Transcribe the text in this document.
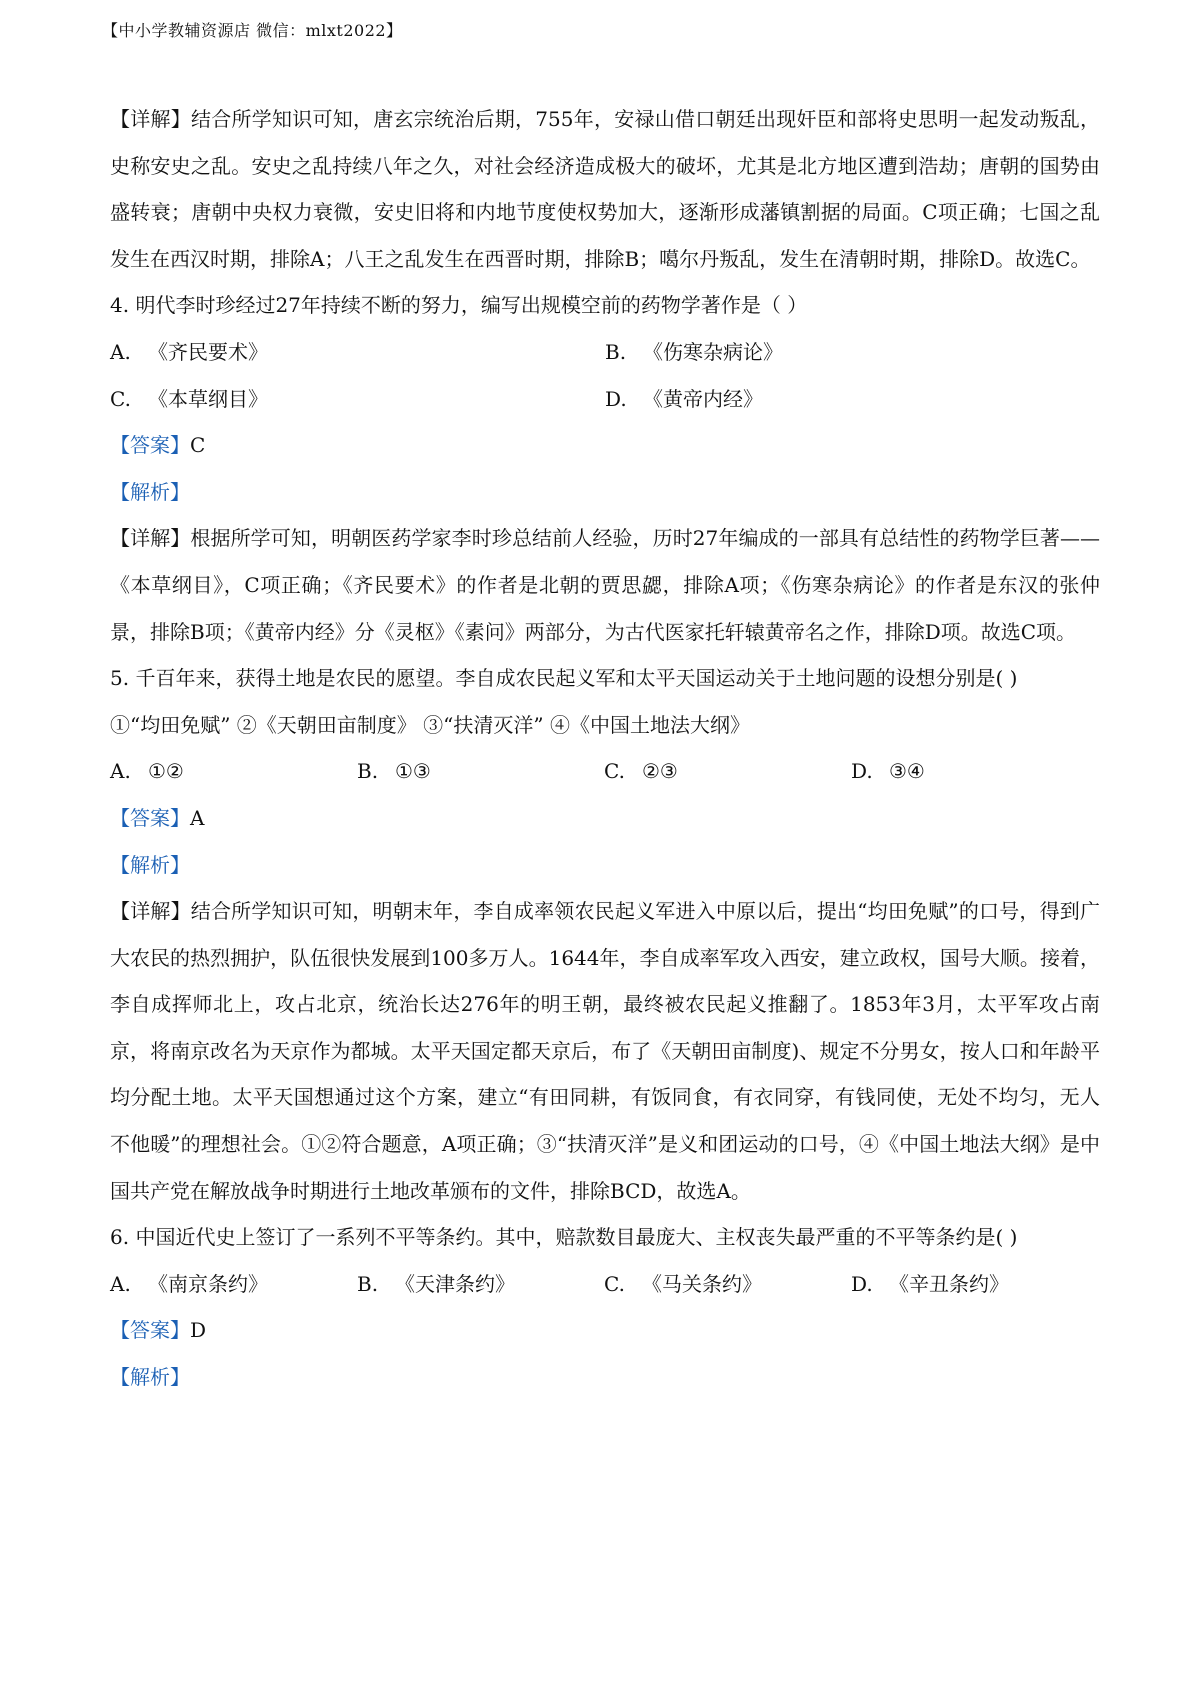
【中小学教辅资源店 微信：mlxt2022】

【详解】结合所学知识可知，唐玄宗统治后期，755年，安禄山借口朝廷出现奸臣和部将史思明一起发动叛乱，史称安史之乱。安史之乱持续八年之久，对社会经济造成极大的破坏，尤其是北方地区遭到浩劫；唐朝的国势由盛转衰；唐朝中央权力衰微，安史旧将和内地节度使权势加大，逐渐形成藩镇割据的局面。C项正确；七国之乱发生在西汉时期，排除A；八王之乱发生在西晋时期，排除B；噶尔丹叛乱，发生在清朝时期，排除D。故选C。

4. 明代李时珍经过27年持续不断的努力，编写出规模空前的药物学著作是（ ）

A. 《齐民要术》	B. 《伤寒杂病论》
C. 《本草纲目》	D. 《黄帝内经》

【答案】C

【解析】

【详解】根据所学可知，明朝医药学家李时珍总结前人经验，历时27年编成的一部具有总结性的药物学巨著——《本草纲目》，C项正确；《齐民要术》的作者是北朝的贾思勰，排除A项；《伤寒杂病论》的作者是东汉的张仲景，排除B项；《黄帝内经》分《灵枢》《素问》两部分，为古代医家托轩辕黄帝名之作，排除D项。故选C项。

5. 千百年来，获得土地是农民的愿望。李自成农民起义军和太平天国运动关于土地问题的设想分别是( )

①“均田免赋” ②《天朝田亩制度》 ③“扶清灭洋” ④《中国土地法大纲》

A. ①②	B. ①③	C. ②③	D. ③④

【答案】A

【解析】

【详解】结合所学知识可知，明朝末年，李自成率领农民起义军进入中原以后，提出“均田免赋”的口号，得到广大农民的热烈拥护，队伍很快发展到100多万人。1644年，李自成率军攻入西安，建立政权，国号大顺。接着，李自成挥师北上，攻占北京，统治长达276年的明王朝，最终被农民起义推翻了。1853年3月，太平军攻占南京，将南京改名为天京作为都城。太平天国定都天京后，布了《天朝田亩制度)、规定不分男女，按人口和年龄平均分配土地。太平天国想通过这个方案，建立“有田同耕，有饭同食，有衣同穿，有钱同使，无处不均匀，无人不他暖”的理想社会。①②符合题意，A项正确；③“扶清灭洋”是义和团运动的口号，④《中国土地法大纲》是中国共产党在解放战争时期进行土地改革颁布的文件，排除BCD，故选A。

6. 中国近代史上签订了一系列不平等条约。其中，赔款数目最庞大、主权丧失最严重的不平等条约是( )

A. 《南京条约》	B. 《天津条约》	C. 《马关条约》	D. 《辛丑条约》

【答案】D

【解析】
